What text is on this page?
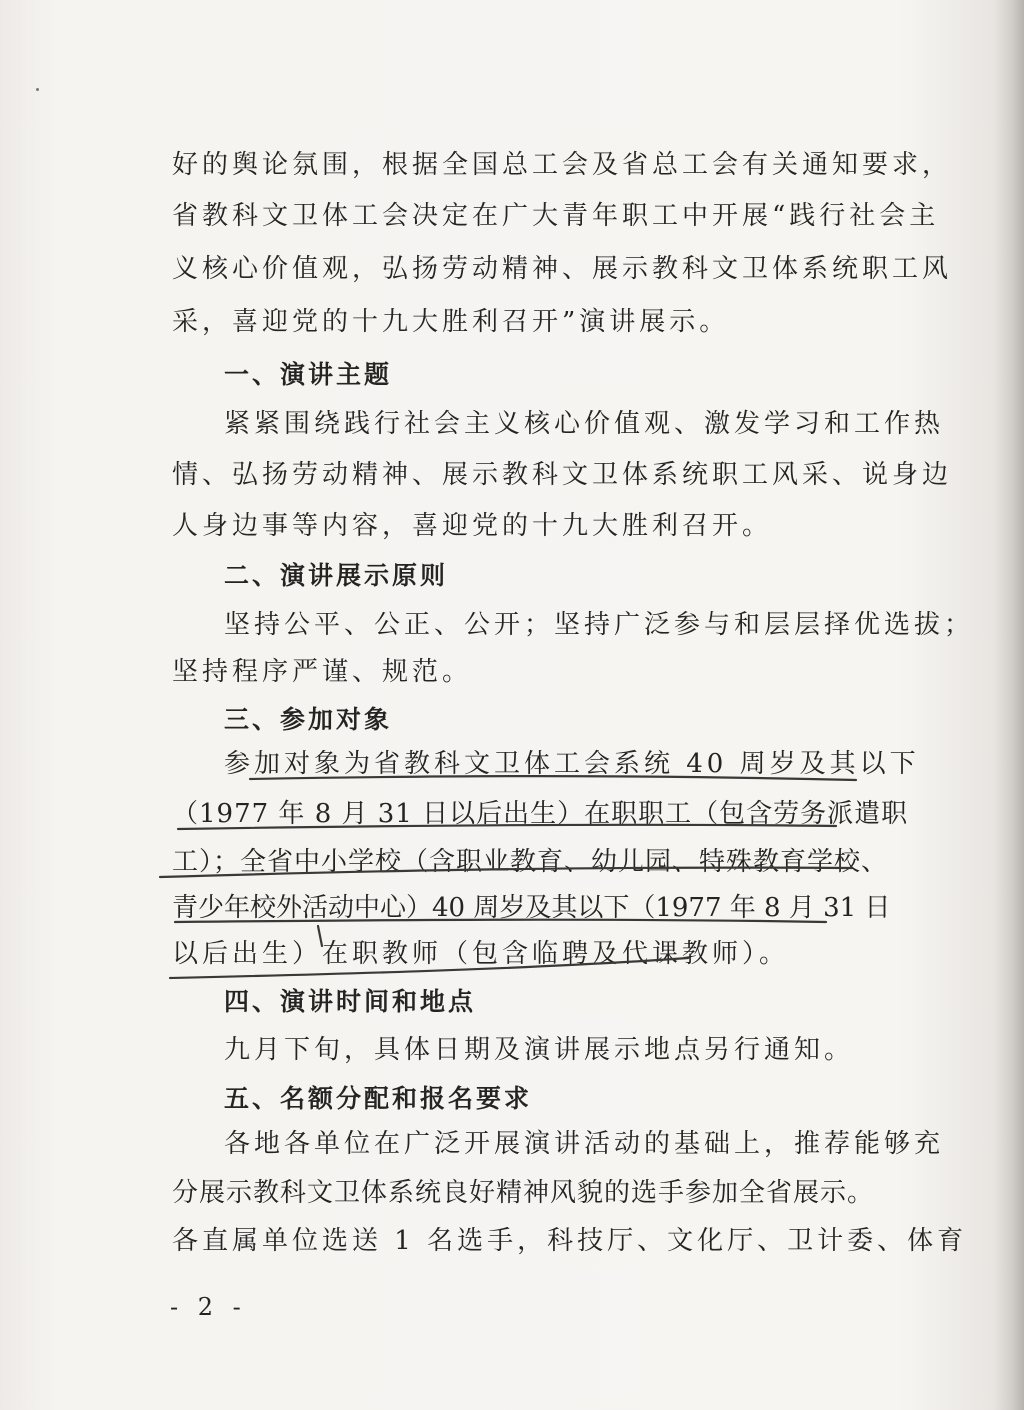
好的舆论氛围，根据全国总工会及省总工会有关通知要求，
省教科文卫体工会决定在广大青年职工中开展“践行社会主
义核心价值观，弘扬劳动精神、展示教科文卫体系统职工风
采，喜迎党的十九大胜利召开”演讲展示。
一、演讲主题
紧紧围绕践行社会主义核心价值观、激发学习和工作热
情、弘扬劳动精神、展示教科文卫体系统职工风采、说身边
人身边事等内容，喜迎党的十九大胜利召开。
二、演讲展示原则
坚持公平、公正、公开；坚持广泛参与和层层择优选拔；
坚持程序严谨、规范。
三、参加对象
参加对象为省教科文卫体工会系统 40 周岁及其以下
（1977 年 8 月 31 日以后出生）在职职工（包含劳务派遣职
工）；全省中小学校（含职业教育、幼儿园、特殊教育学校、
青少年校外活动中心）40 周岁及其以下（1977 年 8 月 31 日
以后出生）在职教师（包含临聘及代课教师）。
四、演讲时间和地点
九月下旬，具体日期及演讲展示地点另行通知。
五、名额分配和报名要求
各地各单位在广泛开展演讲活动的基础上，推荐能够充
分展示教科文卫体系统良好精神风貌的选手参加全省展示。
各直属单位选送 1 名选手，科技厅、文化厅、卫计委、体育
- 2 -
